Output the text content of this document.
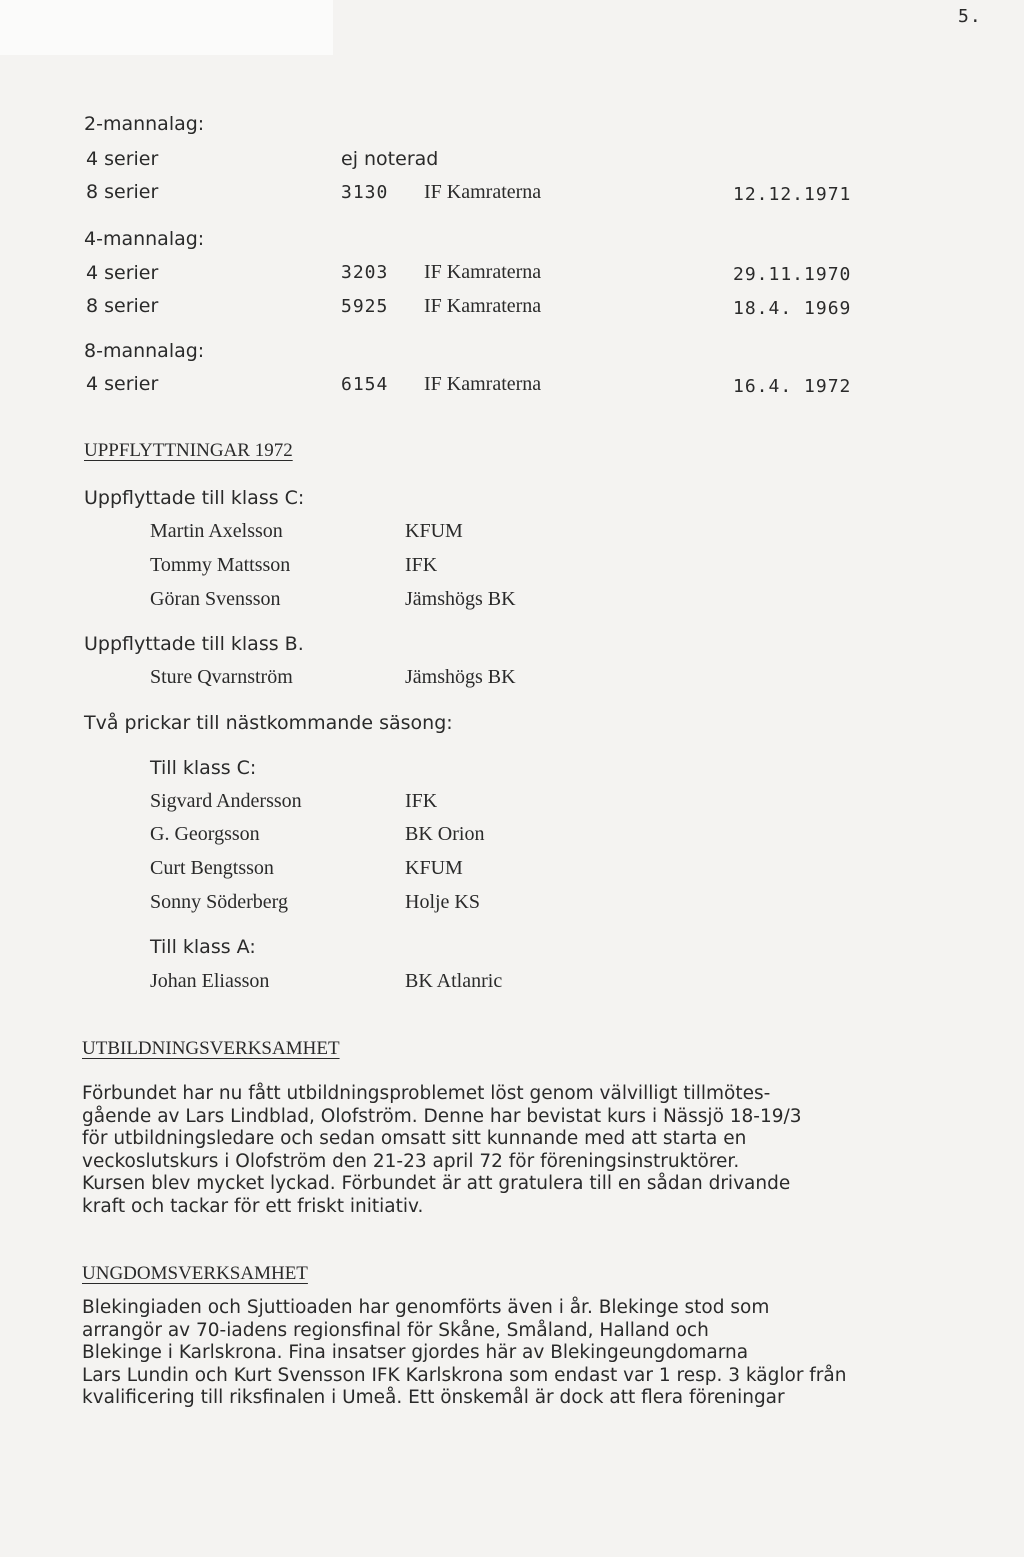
5.
2-mannalag:
4 serier	ej noterad
8 serier	3130 IF Kamraterna	12.12.1971
4-mannalag:
4 serier	3203 IF Kamraterna	29.11.1970
8 serier	5925 IF Kamraterna	18.4. 1969
8-mannalag:
4 serier	6154 IF Kamraterna	16.4. 1972
UPPFLYTTNINGAR 1972
Uppflyttade till klass C:
Martin Axelsson	KFUM
Tommy Mattsson	IFK
Göran Svensson	Jämshögs BK
Uppflyttade till klass B.
Sture Qvarnström	Jämshögs BK
Två prickar till nästkommande säsong:
Till klass C:
Sigvard Andersson	IFK
G. Georgsson	BK Orion
Curt Bengtsson	KFUM
Sonny Söderberg	Holje KS
Till klass A:
Johan Eliasson	BK Atlanric
UTBILDNINGSVERKSAMHET
Förbundet har nu fått utbildningsproblemet löst genom välvilligt tillmötes-
gående av Lars Lindblad, Olofström. Denne har bevistat kurs i Nässjö 18-19/3
för utbildningsledare och sedan omsatt sitt kunnande med att starta en
veckoslutskurs i Olofström den 21-23 april 72 för föreningsinstruktörer.
Kursen blev mycket lyckad. Förbundet är att gratulera till en sådan drivande
kraft och tackar för ett friskt initiativ.
UNGDOMSVERKSAMHET
Blekingiaden och Sjuttioaden har genomförts även i år. Blekinge stod som
arrangör av 70-iadens regionsfinal för Skåne, Småland, Halland och
Blekinge i Karlskrona. Fina insatser gjordes här av Blekingeungdomarna
Lars Lundin och Kurt Svensson IFK Karlskrona som endast var 1 resp. 3 käglor från
kvalificering till riksfinalen i Umeå. Ett önskemål är dock att flera föreningar
